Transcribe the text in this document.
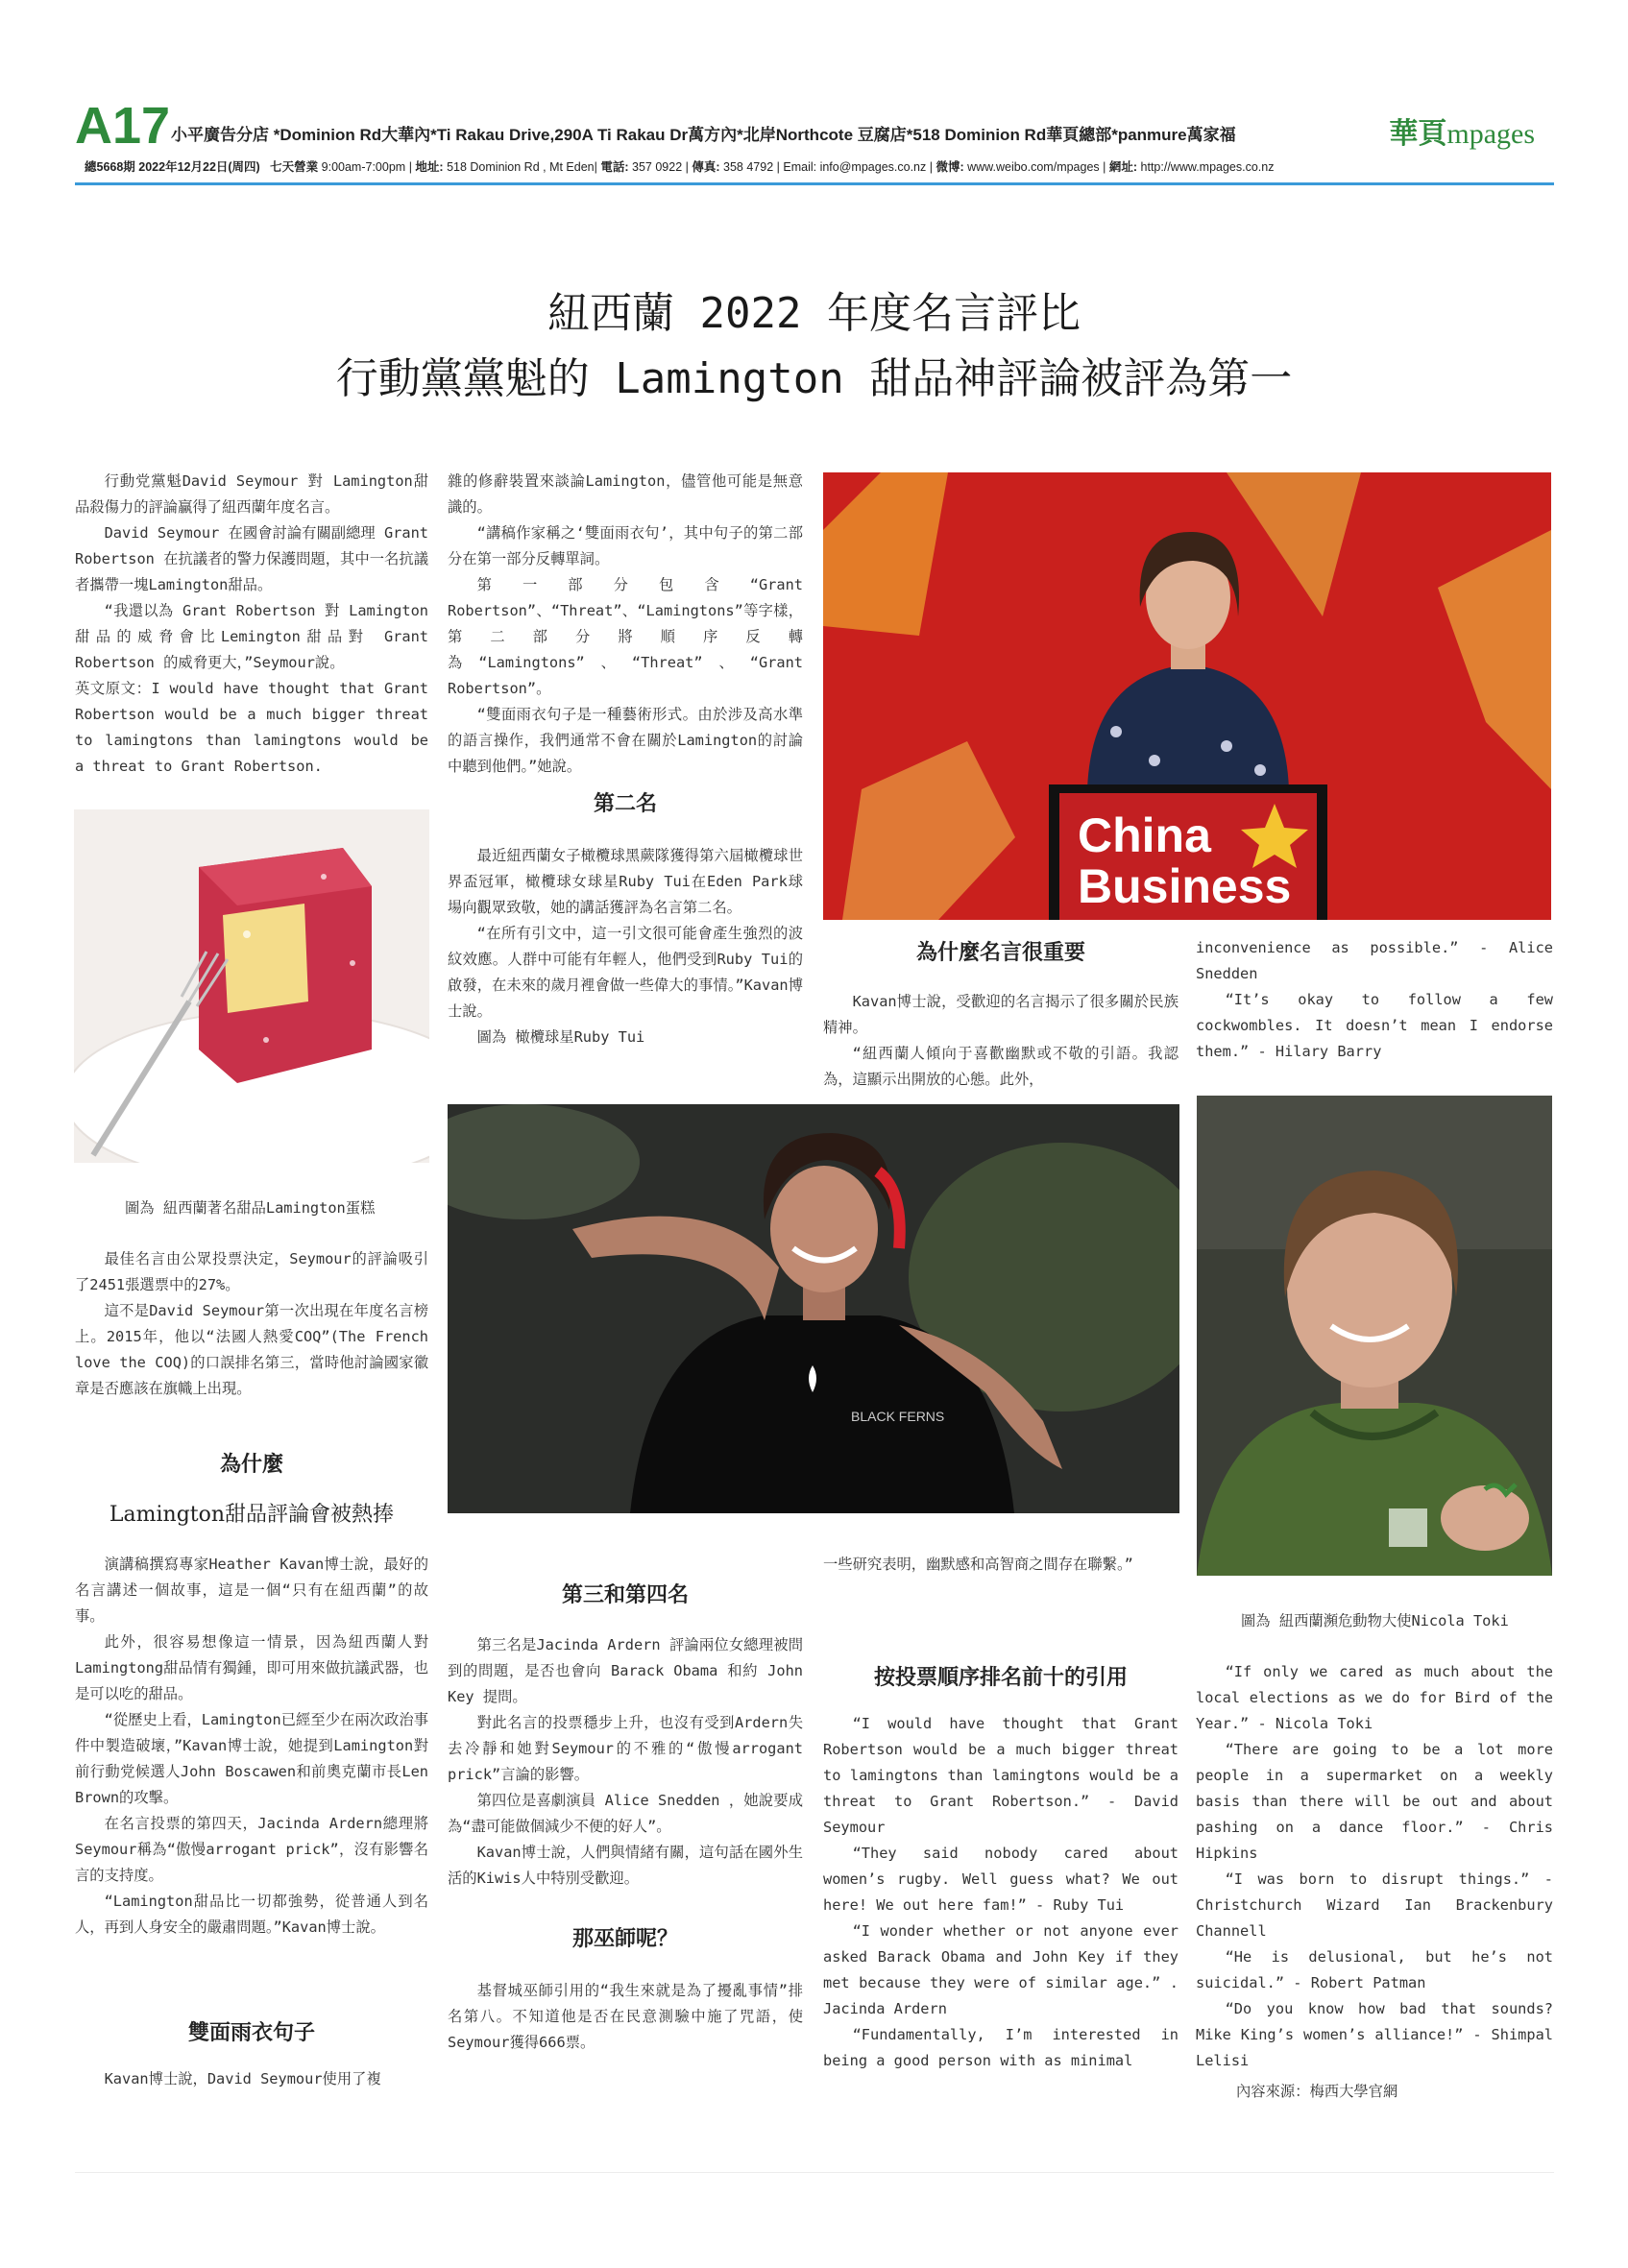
A17 小平廣告分店 *Dominion Rd大華內*Ti Rakau Drive,290A Ti Rakau Dr萬方內*北岸Northcote 豆腐店*518 Dominion Rd華頁總部*panmure萬家福
總5668期 2022年12月22日(周四) 七天營業 9:00am-7:00pm | 地址: 518 Dominion Rd , Mt Eden| 電話: 357 0922 | 傳真: 358 4792 | Email: info@mpages.co.nz | 微博: www.weibo.com/mpages | 網址: http://www.mpages.co.nz
華頁mpages
紐西蘭 2022 年度名言評比
行動黨黨魁的 Lamington 甜品神評論被評為第一

行動党黨魁David Seymour 對 Lamington甜品殺傷力的評論贏得了紐西蘭年度名言。

David Seymour 在國會討論有關副總理 Grant Robertson 在抗議者的警力保護問題，其中一名抗議者攜帶一塊Lamington甜品。

“我還以為 Grant Robertson 對 Lamington甜品的威脅會比Lemington甜品對 Grant Robertson 的威脅更大，”Seymour說。

英文原文：I would have thought that Grant Robertson would be a much bigger threat to lamingtons than lamingtons would be a threat to Grant Robertson.

圖為 紐西蘭著名甜品Lamington蛋糕

最佳名言由公眾投票決定，Seymour的評論吸引了2451張選票中的27%。

這不是David Seymour第一次出現在年度名言榜上。2015年，他以“法國人熱愛COQ”(The French love the COQ)的口誤排名第三，當時他討論國家徽章是否應該在旗幟上出現。

為什麼
Lamington甜品評論會被熱捧

演講稿撰寫專家Heather Kavan博士說，最好的名言講述一個故事，這是一個“只有在紐西蘭”的故事。

此外，很容易想像這一情景，因為紐西蘭人對Lamingtong甜品情有獨鍾，即可用來做抗議武器，也是可以吃的甜品。

“從歷史上看，Lamington已經至少在兩次政治事件中製造破壞，”Kavan博士說，她提到Lamington對前行動党候選人John Boscawen和前奧克蘭市長Len Brown的攻擊。

在名言投票的第四天，Jacinda Ardern總理將Seymour稱為“傲慢arrogant prick”，沒有影響名言的支持度。

“Lamington甜品比一切都強勢，從普通人到名人，再到人身安全的嚴肅問題。”Kavan博士說。

雙面雨衣句子

Kavan博士說，David Seymour使用了複

雜的修辭裝置來談論Lamington，儘管他可能是無意識的。

“講稿作家稱之‘雙面雨衣句’，其中句子的第二部分在第一部分反轉單詞。

第一部分包含“Grant Robertson”、“Threat”、“Lamingtons”等字樣，第二部分將順序反轉為“Lamingtons”、“Threat”、“Grant Robertson”。

“雙面雨衣句子是一種藝術形式。由於涉及高水準的語言操作，我們通常不會在關於Lamington的討論中聽到他們。”她說。

第二名

最近紐西蘭女子橄欖球黑蕨隊獲得第六屆橄欖球世界盃冠軍，橄欖球女球星Ruby Tui在Eden Park球場向觀眾致敬，她的講話獲評為名言第二名。

“在所有引文中，這一引文很可能會產生強烈的波紋效應。人群中可能有年輕人，他們受到Ruby Tui的啟發，在未來的歲月裡會做一些偉大的事情。”Kavan博士說。

圖為 橄欖球星Ruby Tui

China
Business
為什麼名言很重要

Kavan博士說，受歡迎的名言揭示了很多關於民族精神。

“紐西蘭人傾向于喜歡幽默或不敬的引語。我認為，這顯示出開放的心態。此外，

inconvenience as possible.” - Alice Snedden

“It’s okay to follow a few cockwombles. It doesn’t mean I endorse them.” - Hilary Barry

BLACK FERNS
第三和第四名

第三名是Jacinda Ardern 評論兩位女總理被問到的問題，是否也會向 Barack Obama 和約 John Key 提問。

對此名言的投票穩步上升，也沒有受到Ardern失去冷靜和她對Seymour的不雅的“傲慢arrogant prick”言論的影響。

第四位是喜劇演員 Alice Snedden ，她說要成為“盡可能做個減少不便的好人”。

Kavan博士說，人們與情緒有關，這句話在國外生活的Kiwis人中特別受歡迎。

那巫師呢？

基督城巫師引用的“我生來就是為了擾亂事情”排名第八。不知道他是否在民意測驗中施了咒語，使Seymour獲得666票。

一些研究表明，幽默感和高智商之間存在聯繫。”

按投票順序排名前十的引用

“I would have thought that Grant Robertson would be a much bigger threat to lamingtons than lamingtons would be a threat to Grant Robertson.” - David Seymour

“They said nobody cared about women’s rugby. Well guess what? We out here! We out here fam!” - Ruby Tui

“I wonder whether or not anyone ever asked Barack Obama and John Key if they met because they were of similar age.” . Jacinda Ardern

“Fundamentally, I’m interested in being a good person with as minimal

圖為 紐西蘭瀕危動物大使Nicola Toki

“If only we cared as much about the local elections as we do for Bird of the Year.” - Nicola Toki

“There are going to be a lot more people in a supermarket on a weekly basis than there will be out and about pashing on a dance floor.” - Chris Hipkins

“I was born to disrupt things.” - Christchurch Wizard Ian Brackenbury Channell

“He is delusional, but he’s not suicidal.” - Robert Patman

“Do you know how bad that sounds? Mike King’s women’s alliance!” - Shimpal Lelisi

內容來源：梅西大學官網
